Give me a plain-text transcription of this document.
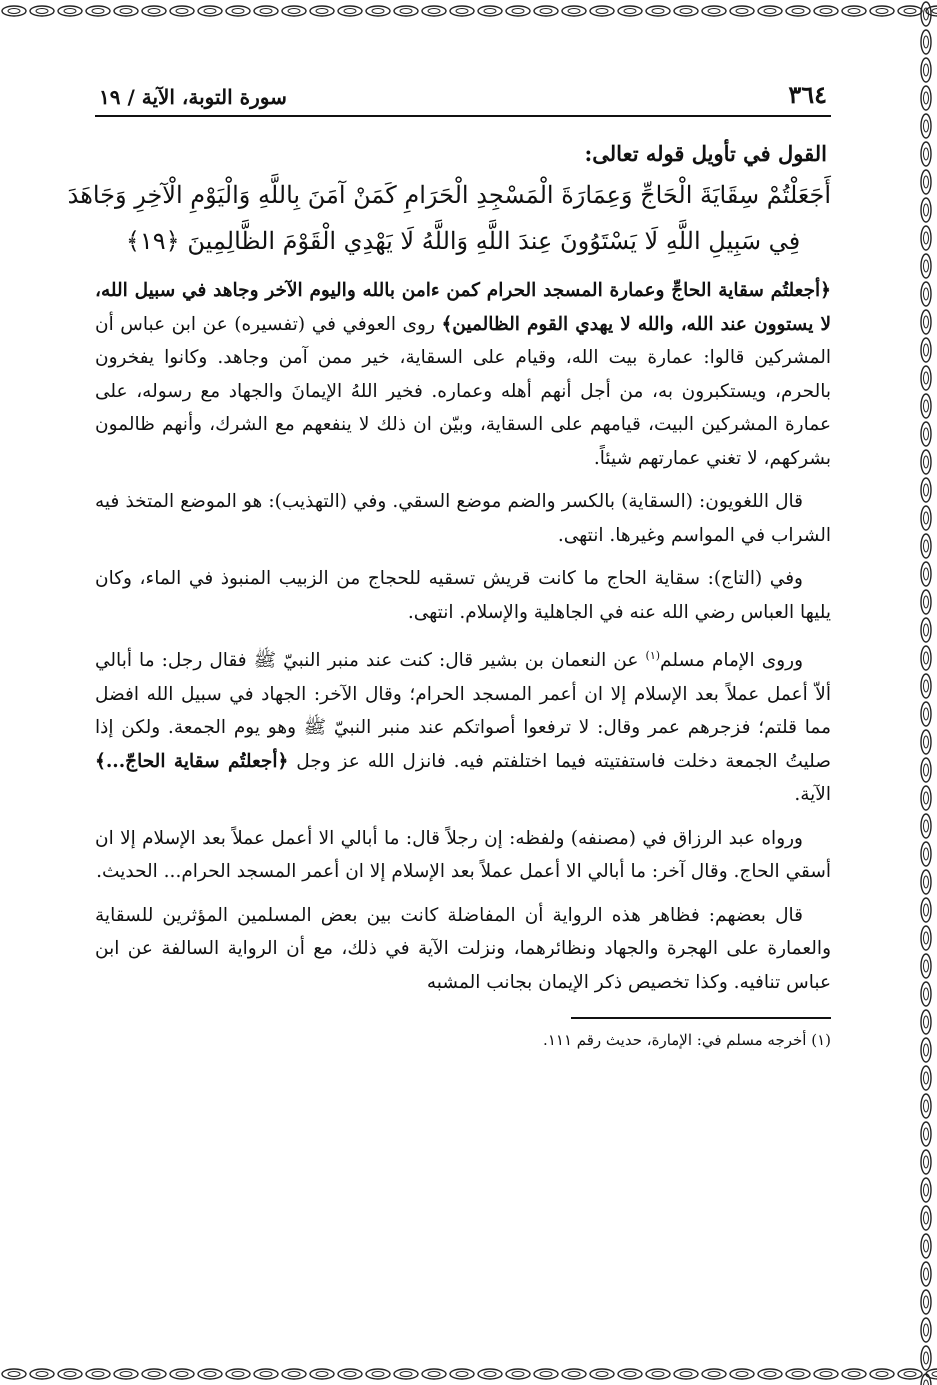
٣٦٤
سورة التوبة، الآية / ١٩
القول في تأويل قوله تعالى:
أَجَعَلْتُمْ سِقَايَةَ الْحَاجِّ وَعِمَارَةَ الْمَسْجِدِ الْحَرَامِ كَمَنْ آمَنَ بِاللَّهِ وَالْيَوْمِ الْآخِرِ وَجَاهَدَ
فِي سَبِيلِ اللَّهِ لَا يَسْتَوُونَ عِندَ اللَّهِ وَاللَّهُ لَا يَهْدِي الْقَوْمَ الظَّالِمِينَ ﴿١٩﴾
﴿أجعلتُم سقاية الحاجِّ وعمارة المسجد الحرام كمن ءامن بالله واليوم الآخر وجاهد في سبيل الله، لا يستوون عند الله، والله لا يهدي القوم الظالمين﴾ روى العوفي في (تفسيره) عن ابن عباس أن المشركين قالوا: عمارة بيت الله، وقيام على السقاية، خير ممن آمن وجاهد. وكانوا يفخرون بالحرم، ويستكبرون به، من أجل أنهم أهله وعماره. فخير اللهُ الإيمانَ والجهاد مع رسوله، على عمارة المشركين البيت، قيامهم على السقاية، وبيّن ان ذلك لا ينفعهم مع الشرك، وأنهم ظالمون بشركهم، لا تغني عمارتهم شيئاً.
قال اللغويون: (السقاية) بالكسر والضم موضع السقي. وفي (التهذيب): هو الموضع المتخذ فيه الشراب في المواسم وغيرها. انتهى.
وفي (التاج): سقاية الحاج ما كانت قريش تسقيه للحجاج من الزبيب المنبوذ في الماء، وكان يليها العباس رضي الله عنه في الجاهلية والإسلام. انتهى.
وروى الإمام مسلم$^{(١)}$ عن النعمان بن بشير قال: كنت عند منبر النبيّ ﷺ فقال رجل: ما أبالي ألاّ أعمل عملاً بعد الإسلام إلا ان أعمر المسجد الحرام؛ وقال الآخر: الجهاد في سبيل الله افضل مما قلتم؛ فزجرهم عمر وقال: لا ترفعوا أصواتكم عند منبر النبيّ ﷺ وهو يوم الجمعة. ولكن إذا صليتُ الجمعة دخلت فاستفتيته فيما اختلفتم فيه. فانزل الله عز وجل ﴿أجعلتُم سقاية الحاجّ...﴾ الآية.
ورواه عبد الرزاق في (مصنفه) ولفظه: إن رجلاً قال: ما أبالي الا أعمل عملاً بعد الإسلام إلا ان أسقي الحاج. وقال آخر: ما أبالي الا أعمل عملاً بعد الإسلام إلا ان أعمر المسجد الحرام... الحديث.
قال بعضهم: فظاهر هذه الرواية أن المفاضلة كانت بين بعض المسلمين المؤثرين للسقاية والعمارة على الهجرة والجهاد ونظائرهما، ونزلت الآية في ذلك، مع أن الرواية السالفة عن ابن عباس تنافيه. وكذا تخصيص ذكر الإيمان بجانب المشبه
(١) أخرجه مسلم في: الإمارة، حديث رقم ١١١.
